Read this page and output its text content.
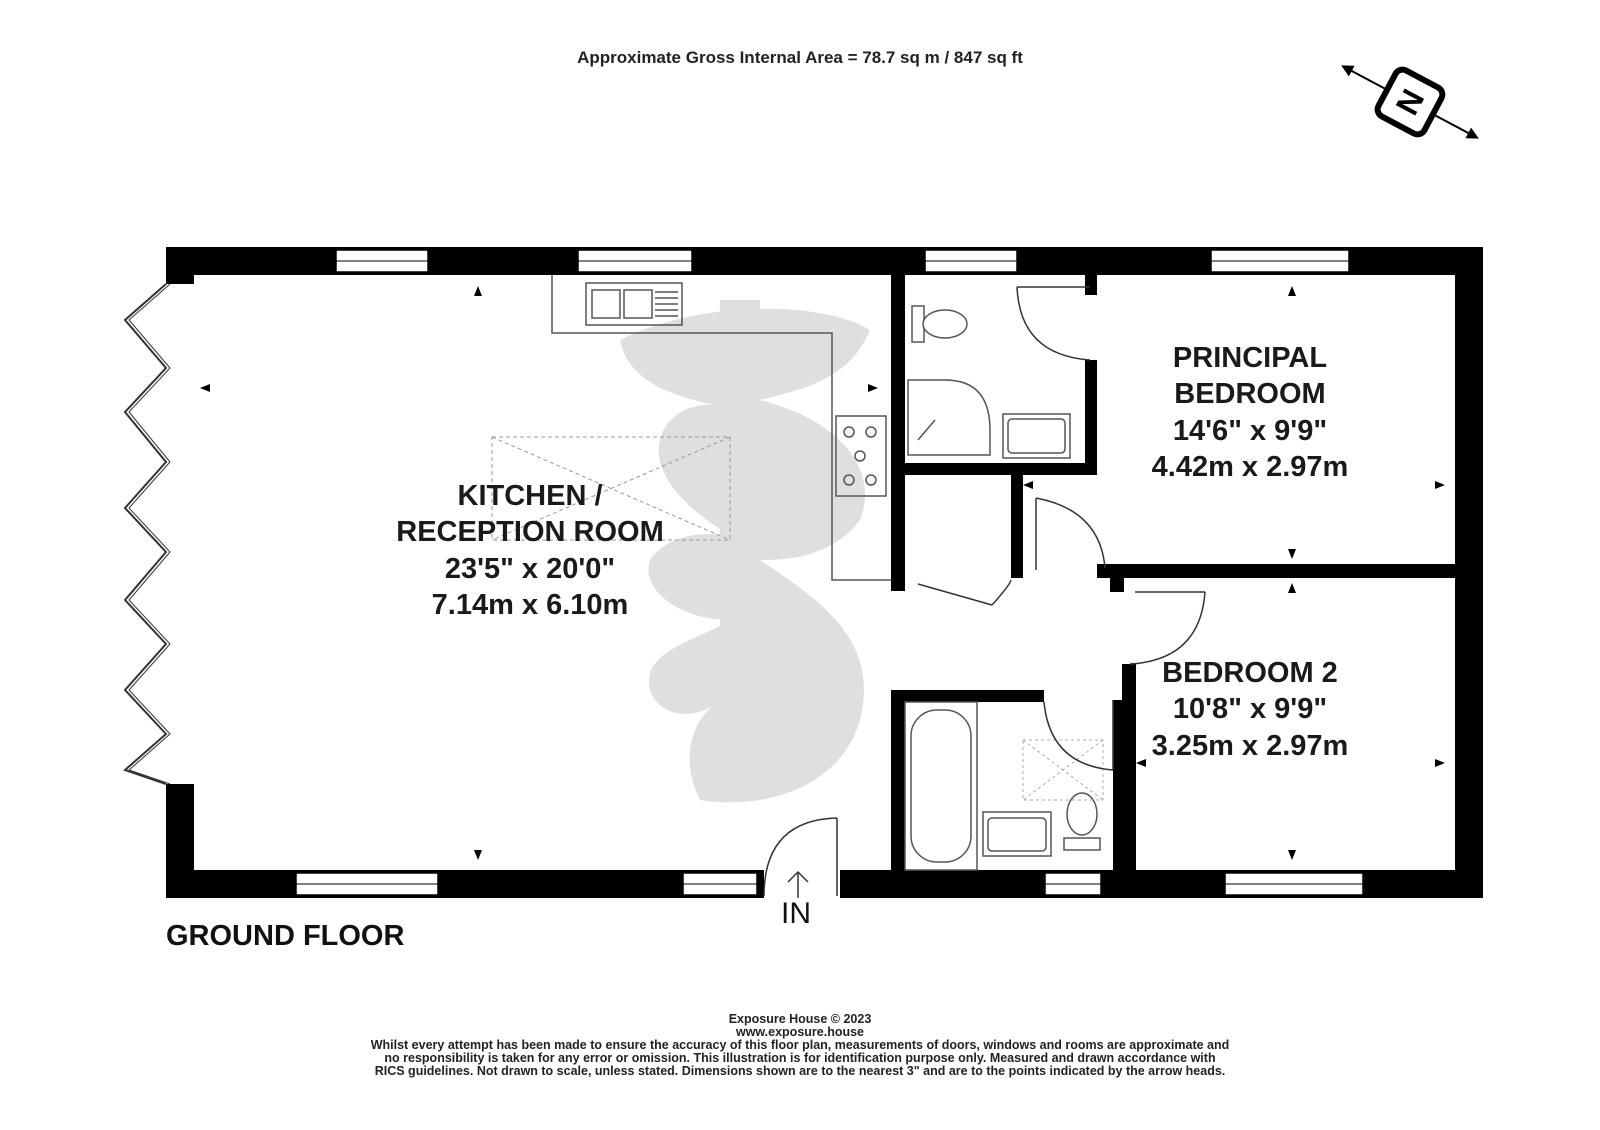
N
Approximate Gross Internal Area = 78.7 sq m / 847 sq ft
KITCHEN /
RECEPTION ROOM
23'5" x 20'0"
7.14m x 6.10m
PRINCIPAL
BEDROOM
14'6" x 9'9"
4.42m x 2.97m
BEDROOM 2
10'8" x 9'9"
3.25m x 2.97m
GROUND FLOOR
IN
Exposure House © 2023
www.exposure.house
Whilst every attempt has been made to ensure the accuracy of this floor plan, measurements of doors, windows and rooms are approximate and
no responsibility is taken for any error or omission. This illustration is for identification purpose only. Measured and drawn accordance with
RICS guidelines. Not drawn to scale, unless stated. Dimensions shown are to the nearest 3" and are to the points indicated by the arrow heads.
